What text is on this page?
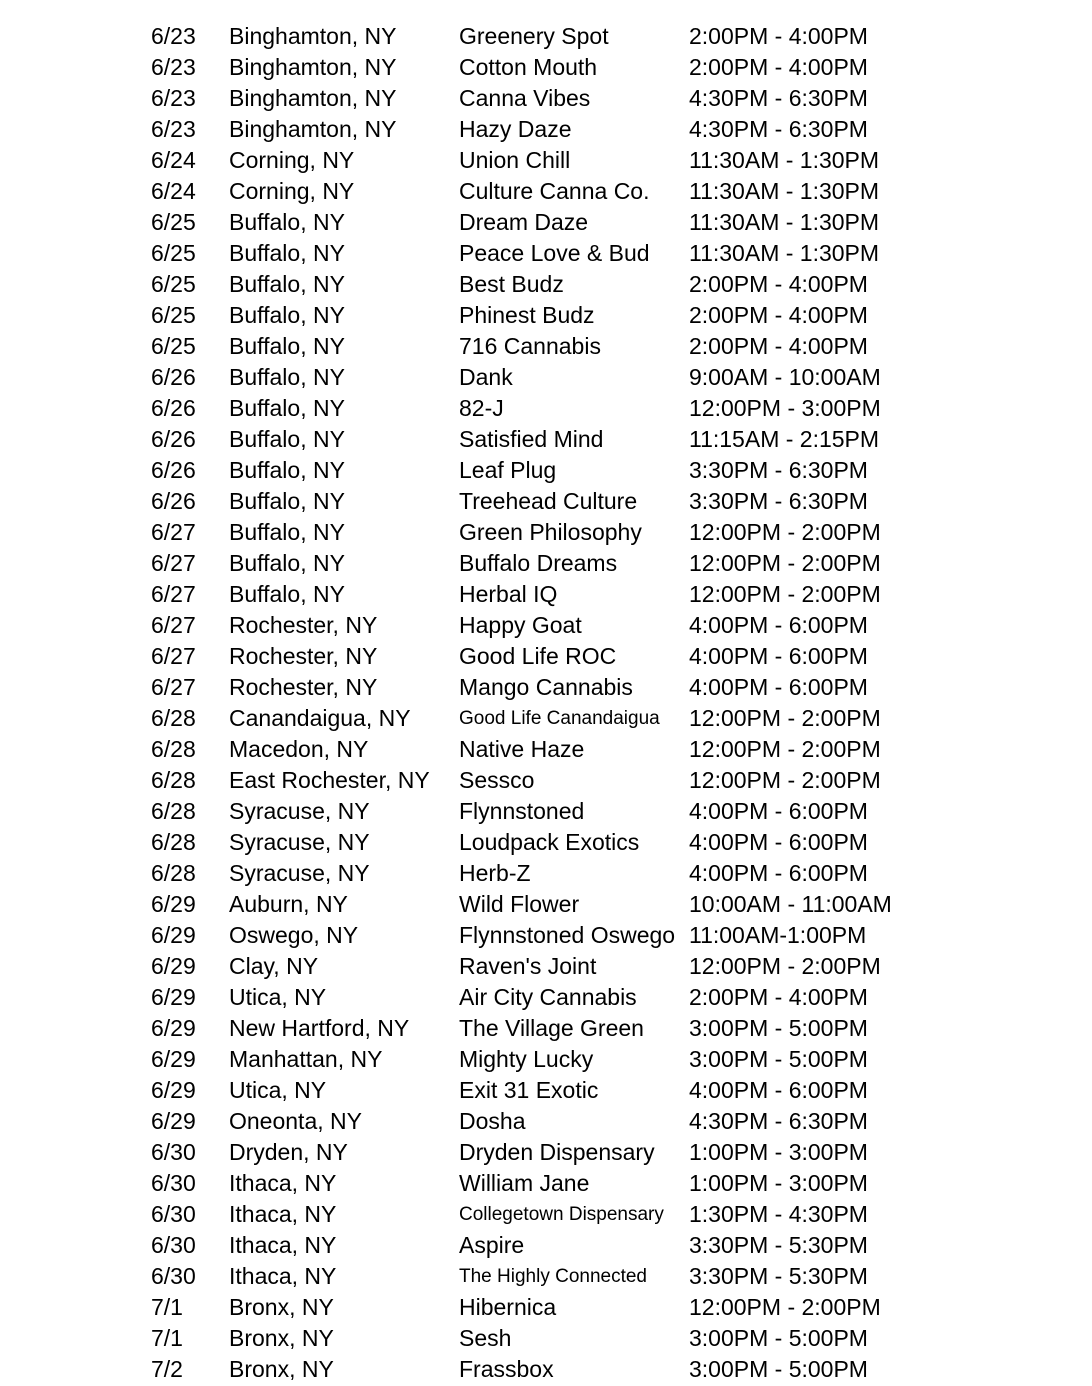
6/23 Binghamton, NY	Greenery Spot	2:00PM - 4:00PM
6/23 Binghamton, NY	Cotton Mouth	2:00PM - 4:00PM
6/23 Binghamton, NY	Canna Vibes	4:30PM - 6:30PM
6/23 Binghamton, NY	Hazy Daze	4:30PM - 6:30PM
6/24 Corning, NY	Union Chill	11:30AM - 1:30PM
6/24 Corning, NY	Culture Canna Co. 11:30AM - 1:30PM
6/25 Buffalo, NY	Dream Daze	11:30AM - 1:30PM
6/25 Buffalo, NY	Peace Love & Bud 11:30AM - 1:30PM
6/25 Buffalo, NY	Best Budz	2:00PM - 4:00PM
6/25 Buffalo, NY	Phinest Budz	2:00PM - 4:00PM
6/25 Buffalo, NY	716 Cannabis	2:00PM - 4:00PM
6/26 Buffalo, NY	Dank	9:00AM - 10:00AM
6/26 Buffalo, NY	82-J	12:00PM - 3:00PM
6/26 Buffalo, NY	Satisfied Mind	11:15AM - 2:15PM
6/26 Buffalo, NY	Leaf Plug	3:30PM - 6:30PM
6/26 Buffalo, NY	Treehead Culture 3:30PM - 6:30PM
6/27 Buffalo, NY	Green Philosophy 12:00PM - 2:00PM
6/27 Buffalo, NY	Buffalo Dreams	12:00PM - 2:00PM
6/27 Buffalo, NY	Herbal IQ	12:00PM - 2:00PM
6/27 Rochester, NY	Happy Goat	4:00PM - 6:00PM
6/27 Rochester, NY	Good Life ROC	4:00PM - 6:00PM
6/27 Rochester, NY	Mango Cannabis 4:00PM - 6:00PM
6/28 Canandaigua, NY	Good Life Canandaigua 12:00PM - 2:00PM
6/28 Macedon, NY	Native Haze	12:00PM - 2:00PM
6/28 East Rochester, NY Sessco	12:00PM - 2:00PM
6/28 Syracuse, NY	Flynnstoned	4:00PM - 6:00PM
6/28 Syracuse, NY	Loudpack Exotics 4:00PM - 6:00PM
6/28 Syracuse, NY	Herb-Z	4:00PM - 6:00PM
6/29 Auburn, NY	Wild Flower	10:00AM - 11:00AM
6/29 Oswego, NY	Flynnstoned Oswego 11:00AM-1:00PM
6/29 Clay, NY	Raven's Joint	12:00PM - 2:00PM
6/29 Utica, NY	Air City Cannabis 2:00PM - 4:00PM
6/29 New Hartford, NY The Village Green 3:00PM - 5:00PM
6/29 Manhattan, NY	Mighty Lucky	3:00PM - 5:00PM
6/29 Utica, NY	Exit 31 Exotic	4:00PM - 6:00PM
6/29 Oneonta, NY	Dosha	4:30PM - 6:30PM
6/30 Dryden, NY	Dryden Dispensary 1:00PM - 3:00PM
6/30 Ithaca, NY	William Jane	1:00PM - 3:00PM
6/30 Ithaca, NY	Collegetown Dispensary 1:30PM - 4:30PM
6/30 Ithaca, NY	Aspire	3:30PM - 5:30PM
6/30 Ithaca, NY	The Highly Connected 3:30PM - 5:30PM
7/1 Bronx, NY	Hibernica	12:00PM - 2:00PM
7/1 Bronx, NY	Sesh	3:00PM - 5:00PM
7/2 Bronx, NY	Frassbox	3:00PM - 5:00PM
